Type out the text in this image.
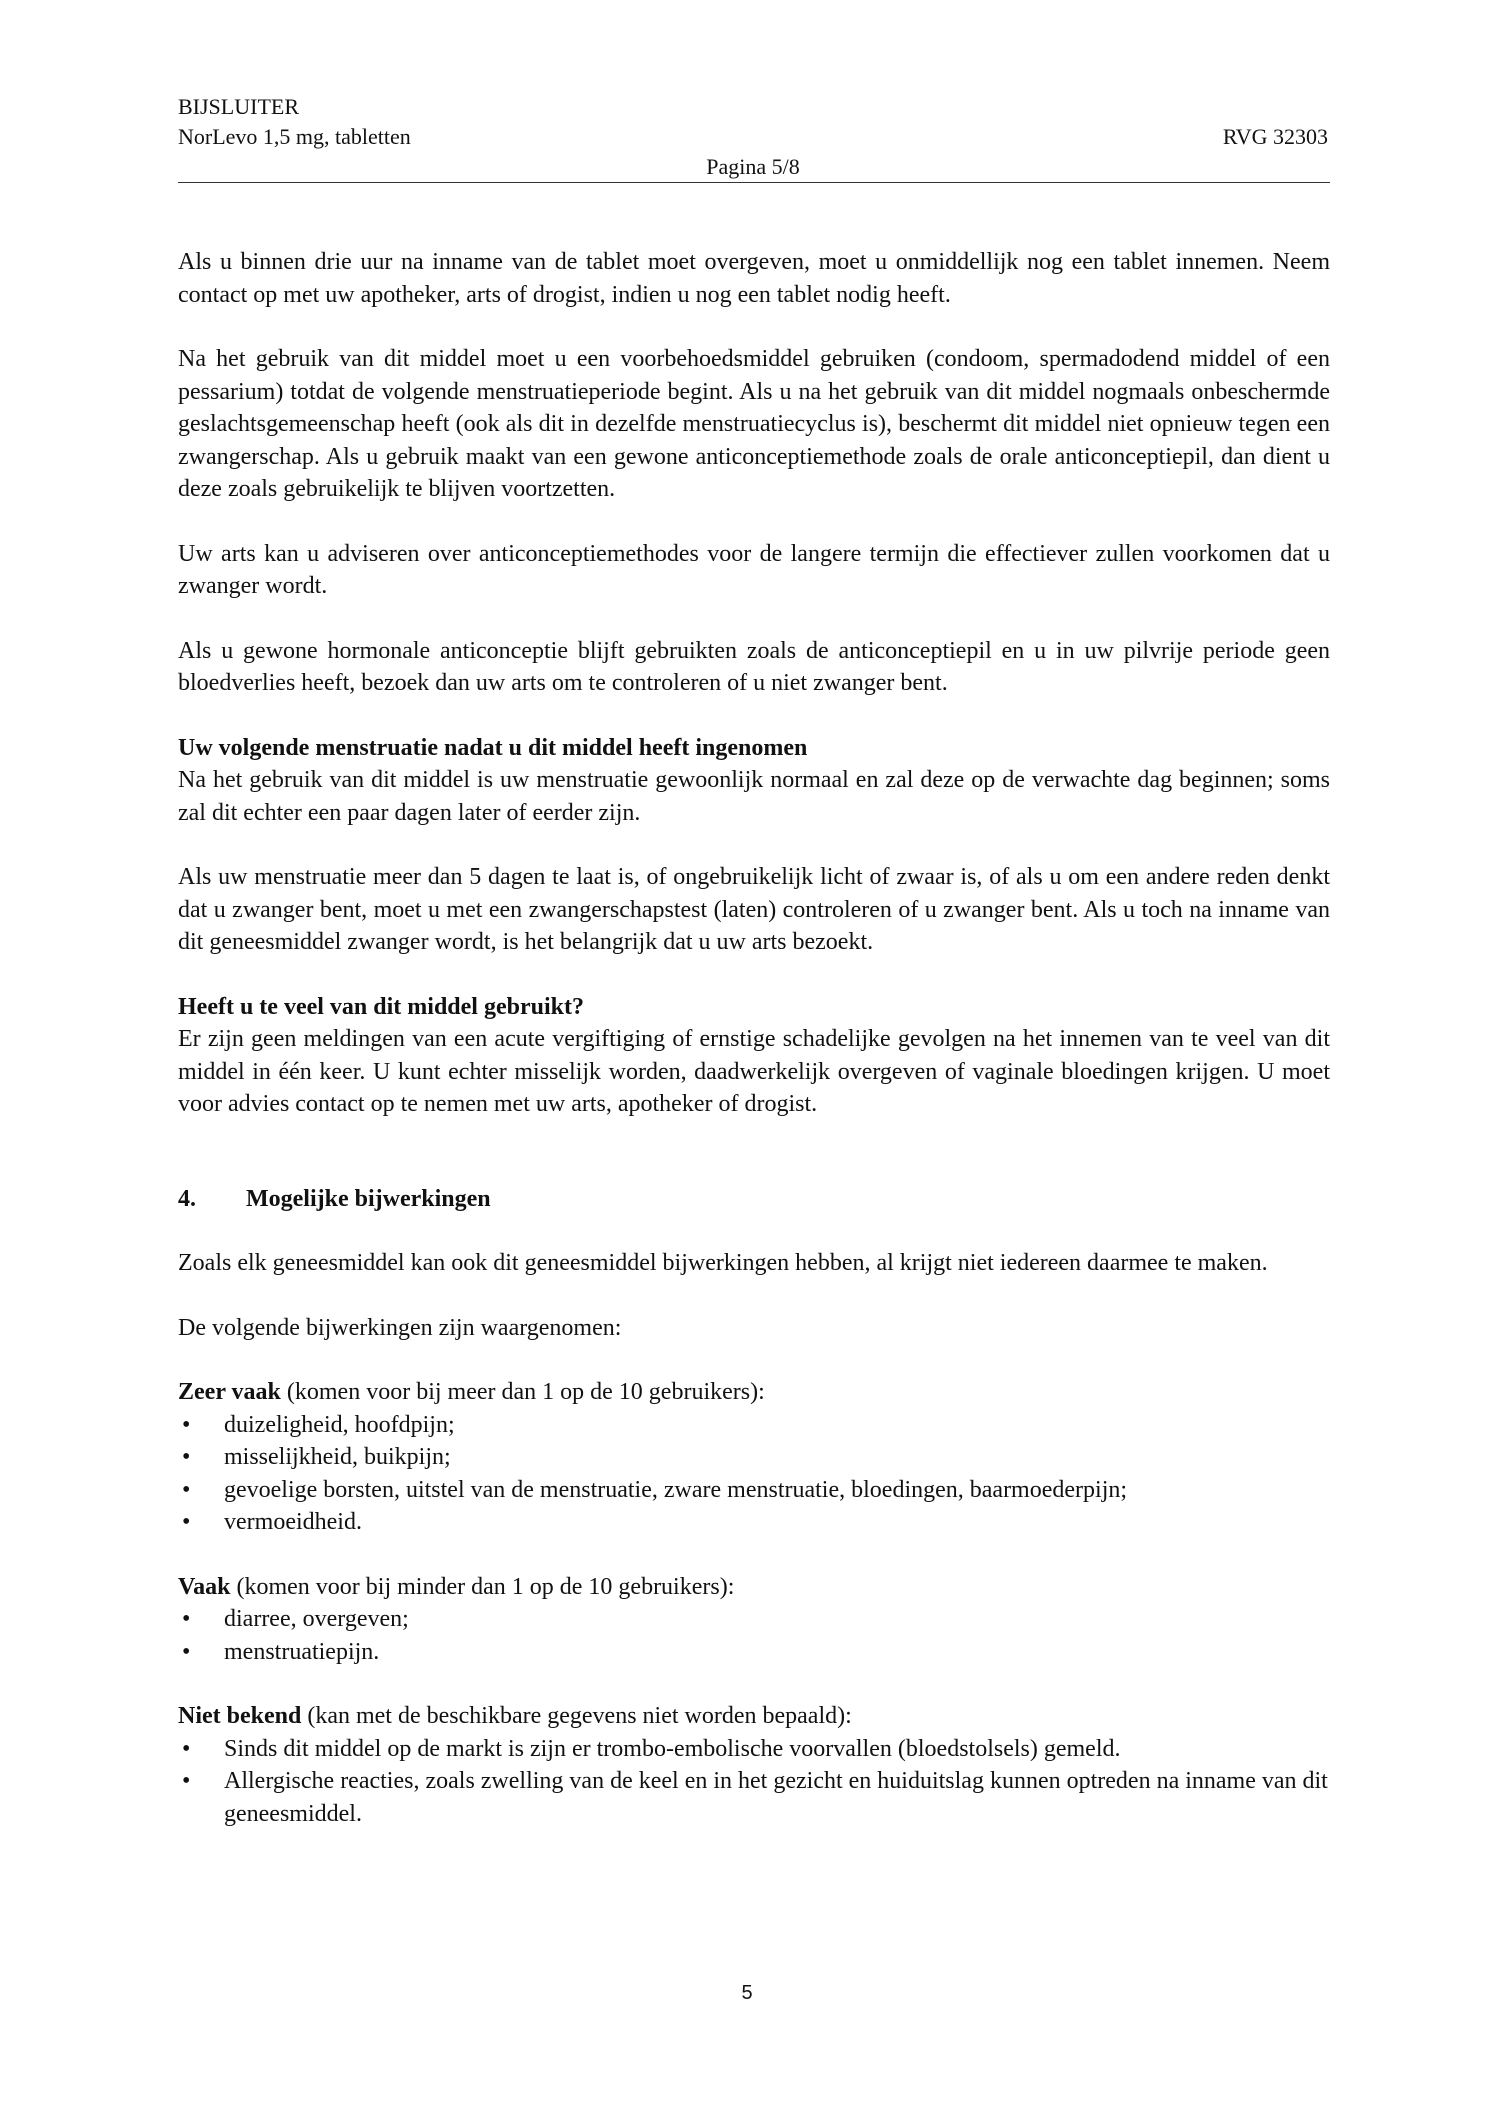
BIJSLUITER
NorLevo 1,5 mg, tabletten	RVG 32303
Pagina 5/8

Als u binnen drie uur na inname van de tablet moet overgeven, moet u onmiddellijk nog een tablet innemen. Neem contact op met uw apotheker, arts of drogist, indien u nog een tablet nodig heeft.

Na het gebruik van dit middel moet u een voorbehoedsmiddel gebruiken (condoom, spermadodend middel of een pessarium) totdat de volgende menstruatieperiode begint. Als u na het gebruik van dit middel nogmaals onbeschermde geslachtsgemeenschap heeft (ook als dit in dezelfde menstruatiecyclus is), beschermt dit middel niet opnieuw tegen een zwangerschap. Als u gebruik maakt van een gewone anticonceptiemethode zoals de orale anticonceptiepil, dan dient u deze zoals gebruikelijk te blijven voortzetten.

Uw arts kan u adviseren over anticonceptiemethodes voor de langere termijn die effectiever zullen voorkomen dat u zwanger wordt.

Als u gewone hormonale anticonceptie blijft gebruikten zoals de anticonceptiepil en u in uw pilvrije periode geen bloedverlies heeft, bezoek dan uw arts om te controleren of u niet zwanger bent.

Uw volgende menstruatie nadat u dit middel heeft ingenomen

Na het gebruik van dit middel is uw menstruatie gewoonlijk normaal en zal deze op de verwachte dag beginnen; soms zal dit echter een paar dagen later of eerder zijn.

Als uw menstruatie meer dan 5 dagen te laat is, of ongebruikelijk licht of zwaar is, of als u om een andere reden denkt dat u zwanger bent, moet u met een zwangerschapstest (laten) controleren of u zwanger bent. Als u toch na inname van dit geneesmiddel zwanger wordt, is het belangrijk dat u uw arts bezoekt.

Heeft u te veel van dit middel gebruikt?

Er zijn geen meldingen van een acute vergiftiging of ernstige schadelijke gevolgen na het innemen van te veel van dit middel in één keer. U kunt echter misselijk worden, daadwerkelijk overgeven of vaginale bloedingen krijgen. U moet voor advies contact op te nemen met uw arts, apotheker of drogist.

4.	Mogelijke bijwerkingen

Zoals elk geneesmiddel kan ook dit geneesmiddel bijwerkingen hebben, al krijgt niet iedereen daarmee te maken.

De volgende bijwerkingen zijn waargenomen:

Zeer vaak (komen voor bij meer dan 1 op de 10 gebruikers):
• duizeligheid, hoofdpijn;
• misselijkheid, buikpijn;
• gevoelige borsten, uitstel van de menstruatie, zware menstruatie, bloedingen, baarmoederpijn;
• vermoeidheid.
Vaak (komen voor bij minder dan 1 op de 10 gebruikers):
• diarree, overgeven;
• menstruatiepijn.
Niet bekend (kan met de beschikbare gegevens niet worden bepaald):
• Sinds dit middel op de markt is zijn er trombo-embolische voorvallen (bloedstolsels) gemeld.
• Allergische reacties, zoals zwelling van de keel en in het gezicht en huiduitslag kunnen optreden na inname van dit geneesmiddel.
5
